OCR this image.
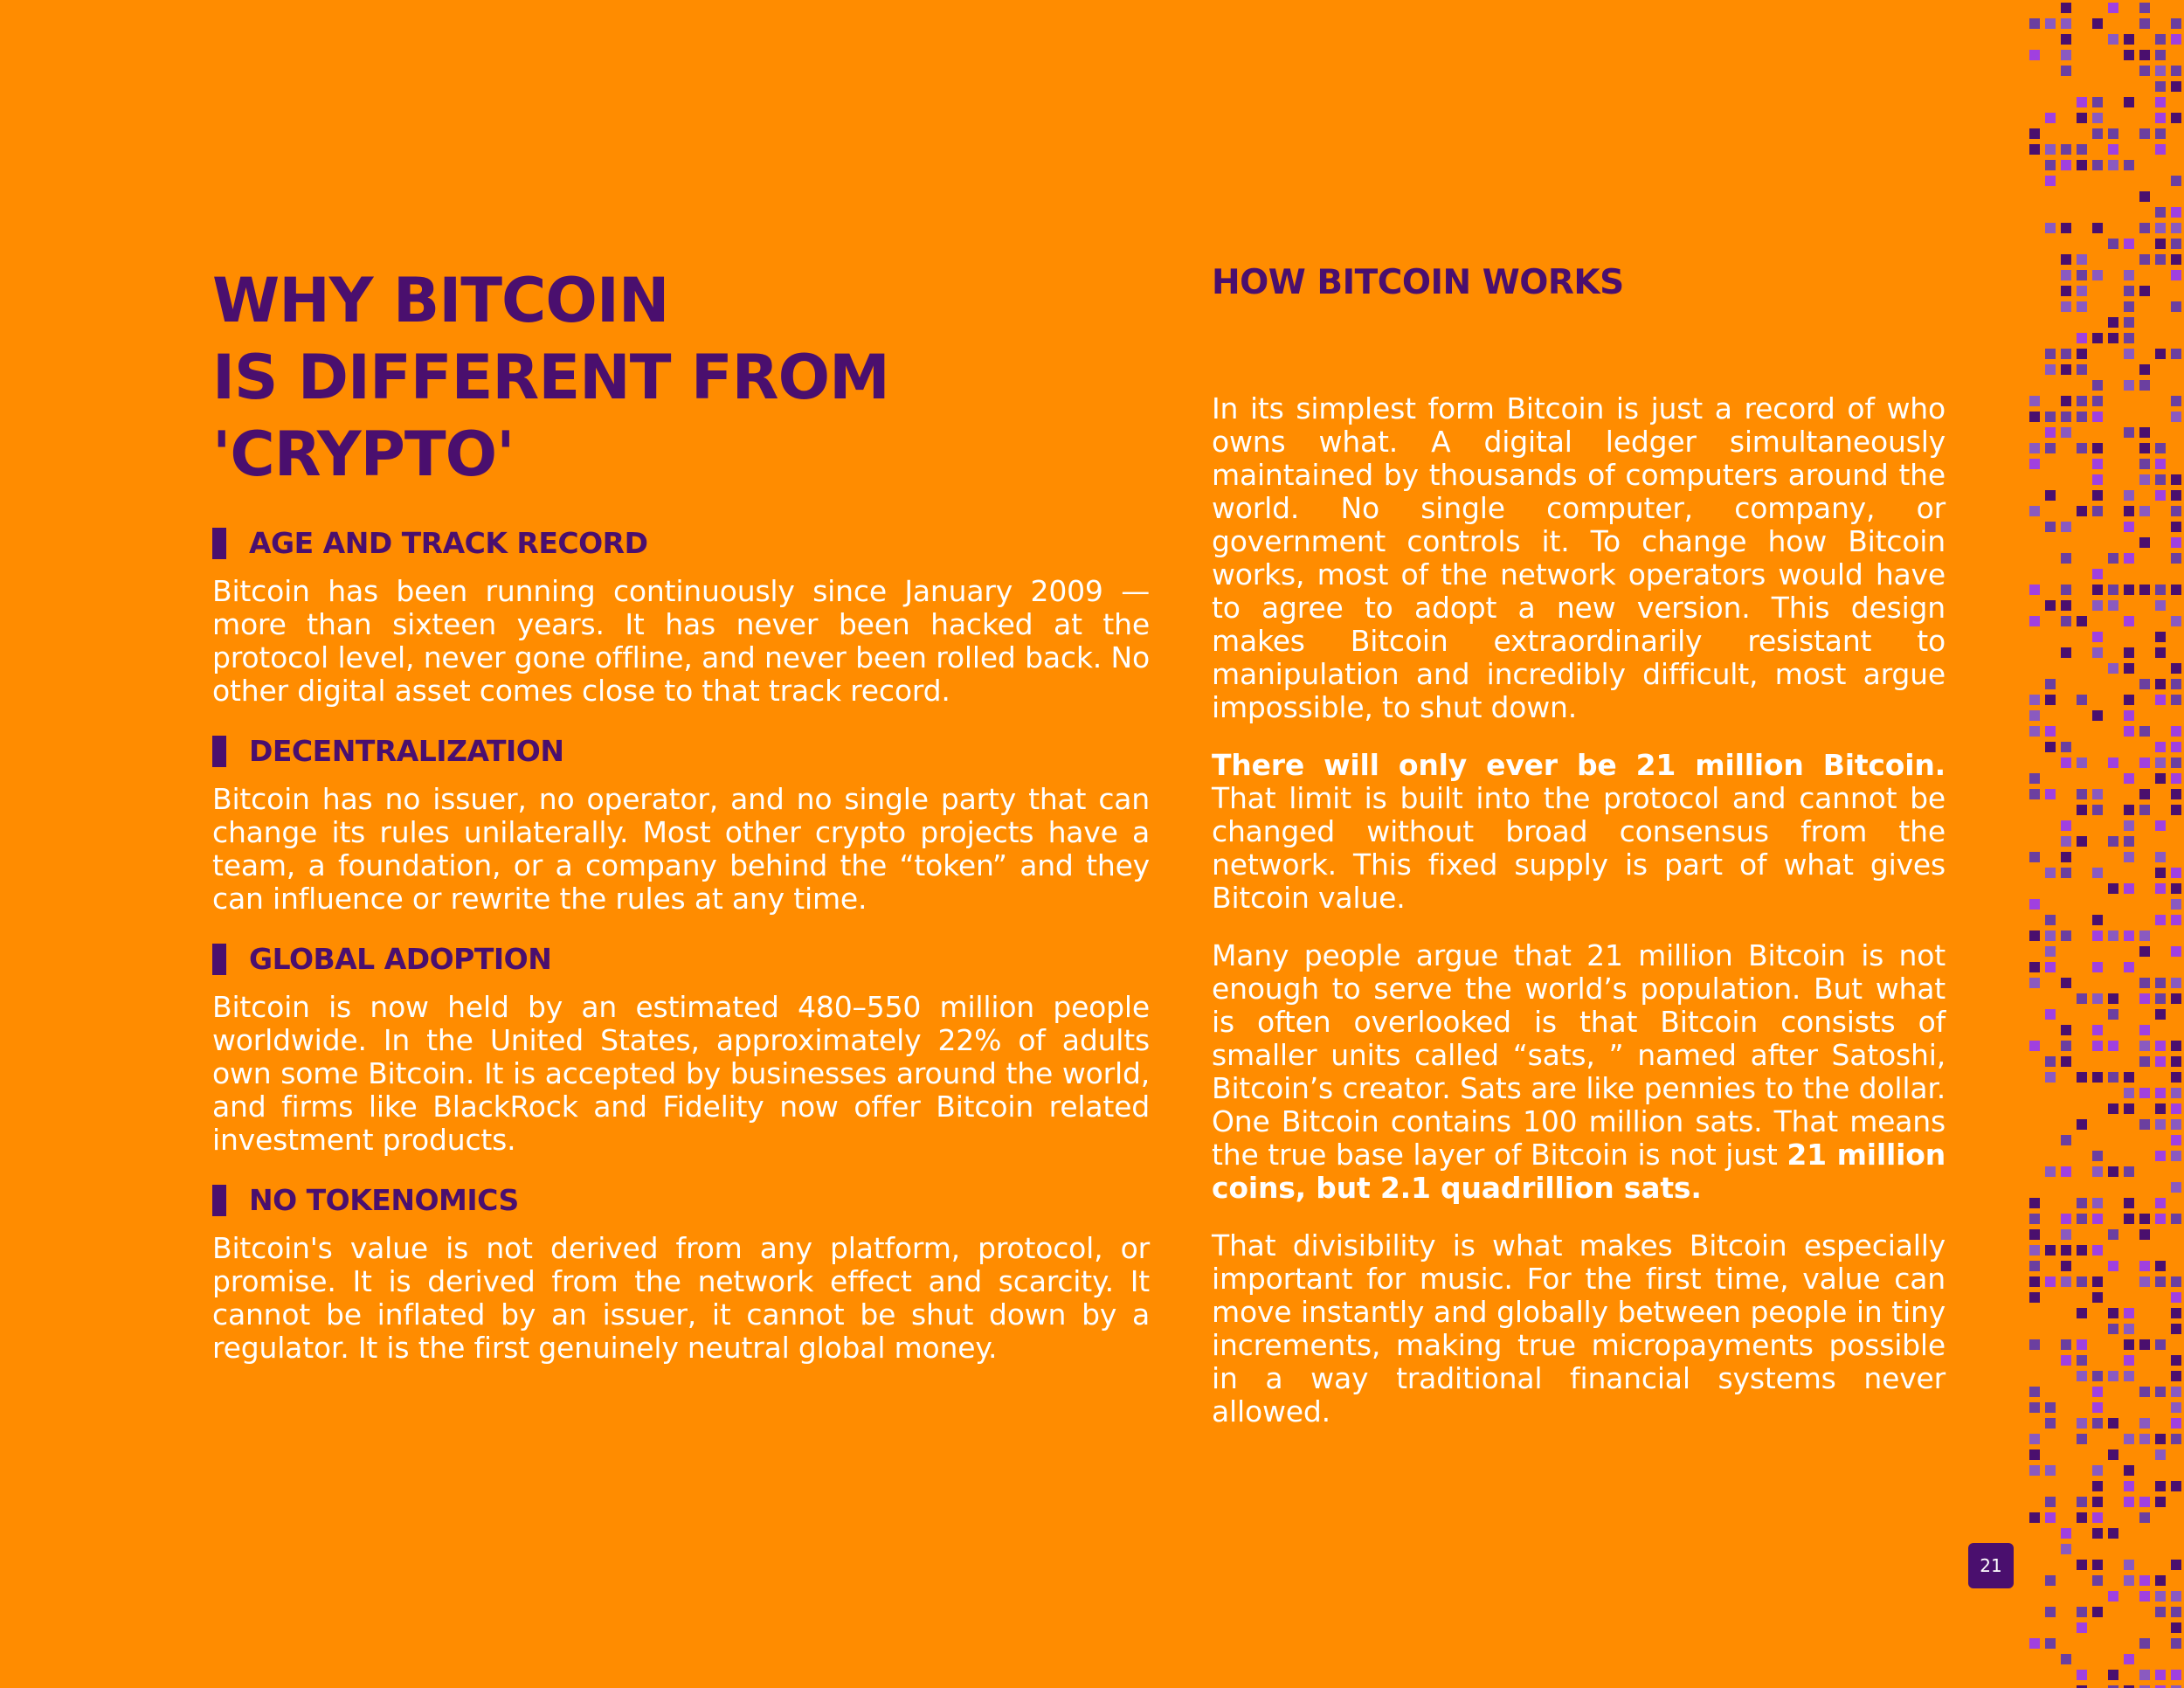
WHY BITCOIN
IS DIFFERENT FROM 'CRYPTO'
AGE AND TRACK RECORD

Bitcoin has been running continuously since January 2009 — more than sixteen years. It has never been hacked at the protocol level, never gone offline, and never been rolled back. No other digital asset comes close to that track record.

DECENTRALIZATION

Bitcoin has no issuer, no operator, and no single party that can change its rules unilaterally. Most other crypto projects have a team, a foundation, or a company behind the “token” and they can influence or rewrite the rules at any time.

GLOBAL ADOPTION

Bitcoin is now held by an estimated 480–550 million people worldwide. In the United States, approximately 22% of adults own some Bitcoin. It is accepted by businesses around the world, and firms like BlackRock and Fidelity now offer Bitcoin related investment products.

NO TOKENOMICS

Bitcoin's value is not derived from any platform, protocol, or promise. It is derived from the network effect and scarcity. It cannot be inflated by an issuer, it cannot be shut down by a regulator. It is the first genuinely neutral global money.

HOW BITCOIN WORKS

In its simplest form Bitcoin is just a record of who owns what. A digital ledger simultaneously maintained by thousands of computers around the world. No single computer, company, or government controls it. To change how Bitcoin works, most of the network operators would have to agree to adopt a new version. This design makes Bitcoin extraordinarily resistant to manipulation and incredibly difficult, most argue impossible, to shut down.

There will only ever be 21 million Bitcoin. That limit is built into the protocol and cannot be changed without broad consensus from the network. This fixed supply is part of what gives Bitcoin value.

Many people argue that 21 million Bitcoin is not enough to serve the world’s population. But what is often overlooked is that Bitcoin consists of smaller units called “sats, ” named after Satoshi, Bitcoin’s creator. Sats are like pennies to the dollar. One Bitcoin contains 100 million sats. That means the true base layer of Bitcoin is not just 21 million coins, but 2.1 quadrillion sats.

That divisibility is what makes Bitcoin especially important for music. For the first time, value can move instantly and globally between people in tiny increments, making true micropayments possible in a way traditional financial systems never allowed.

21
